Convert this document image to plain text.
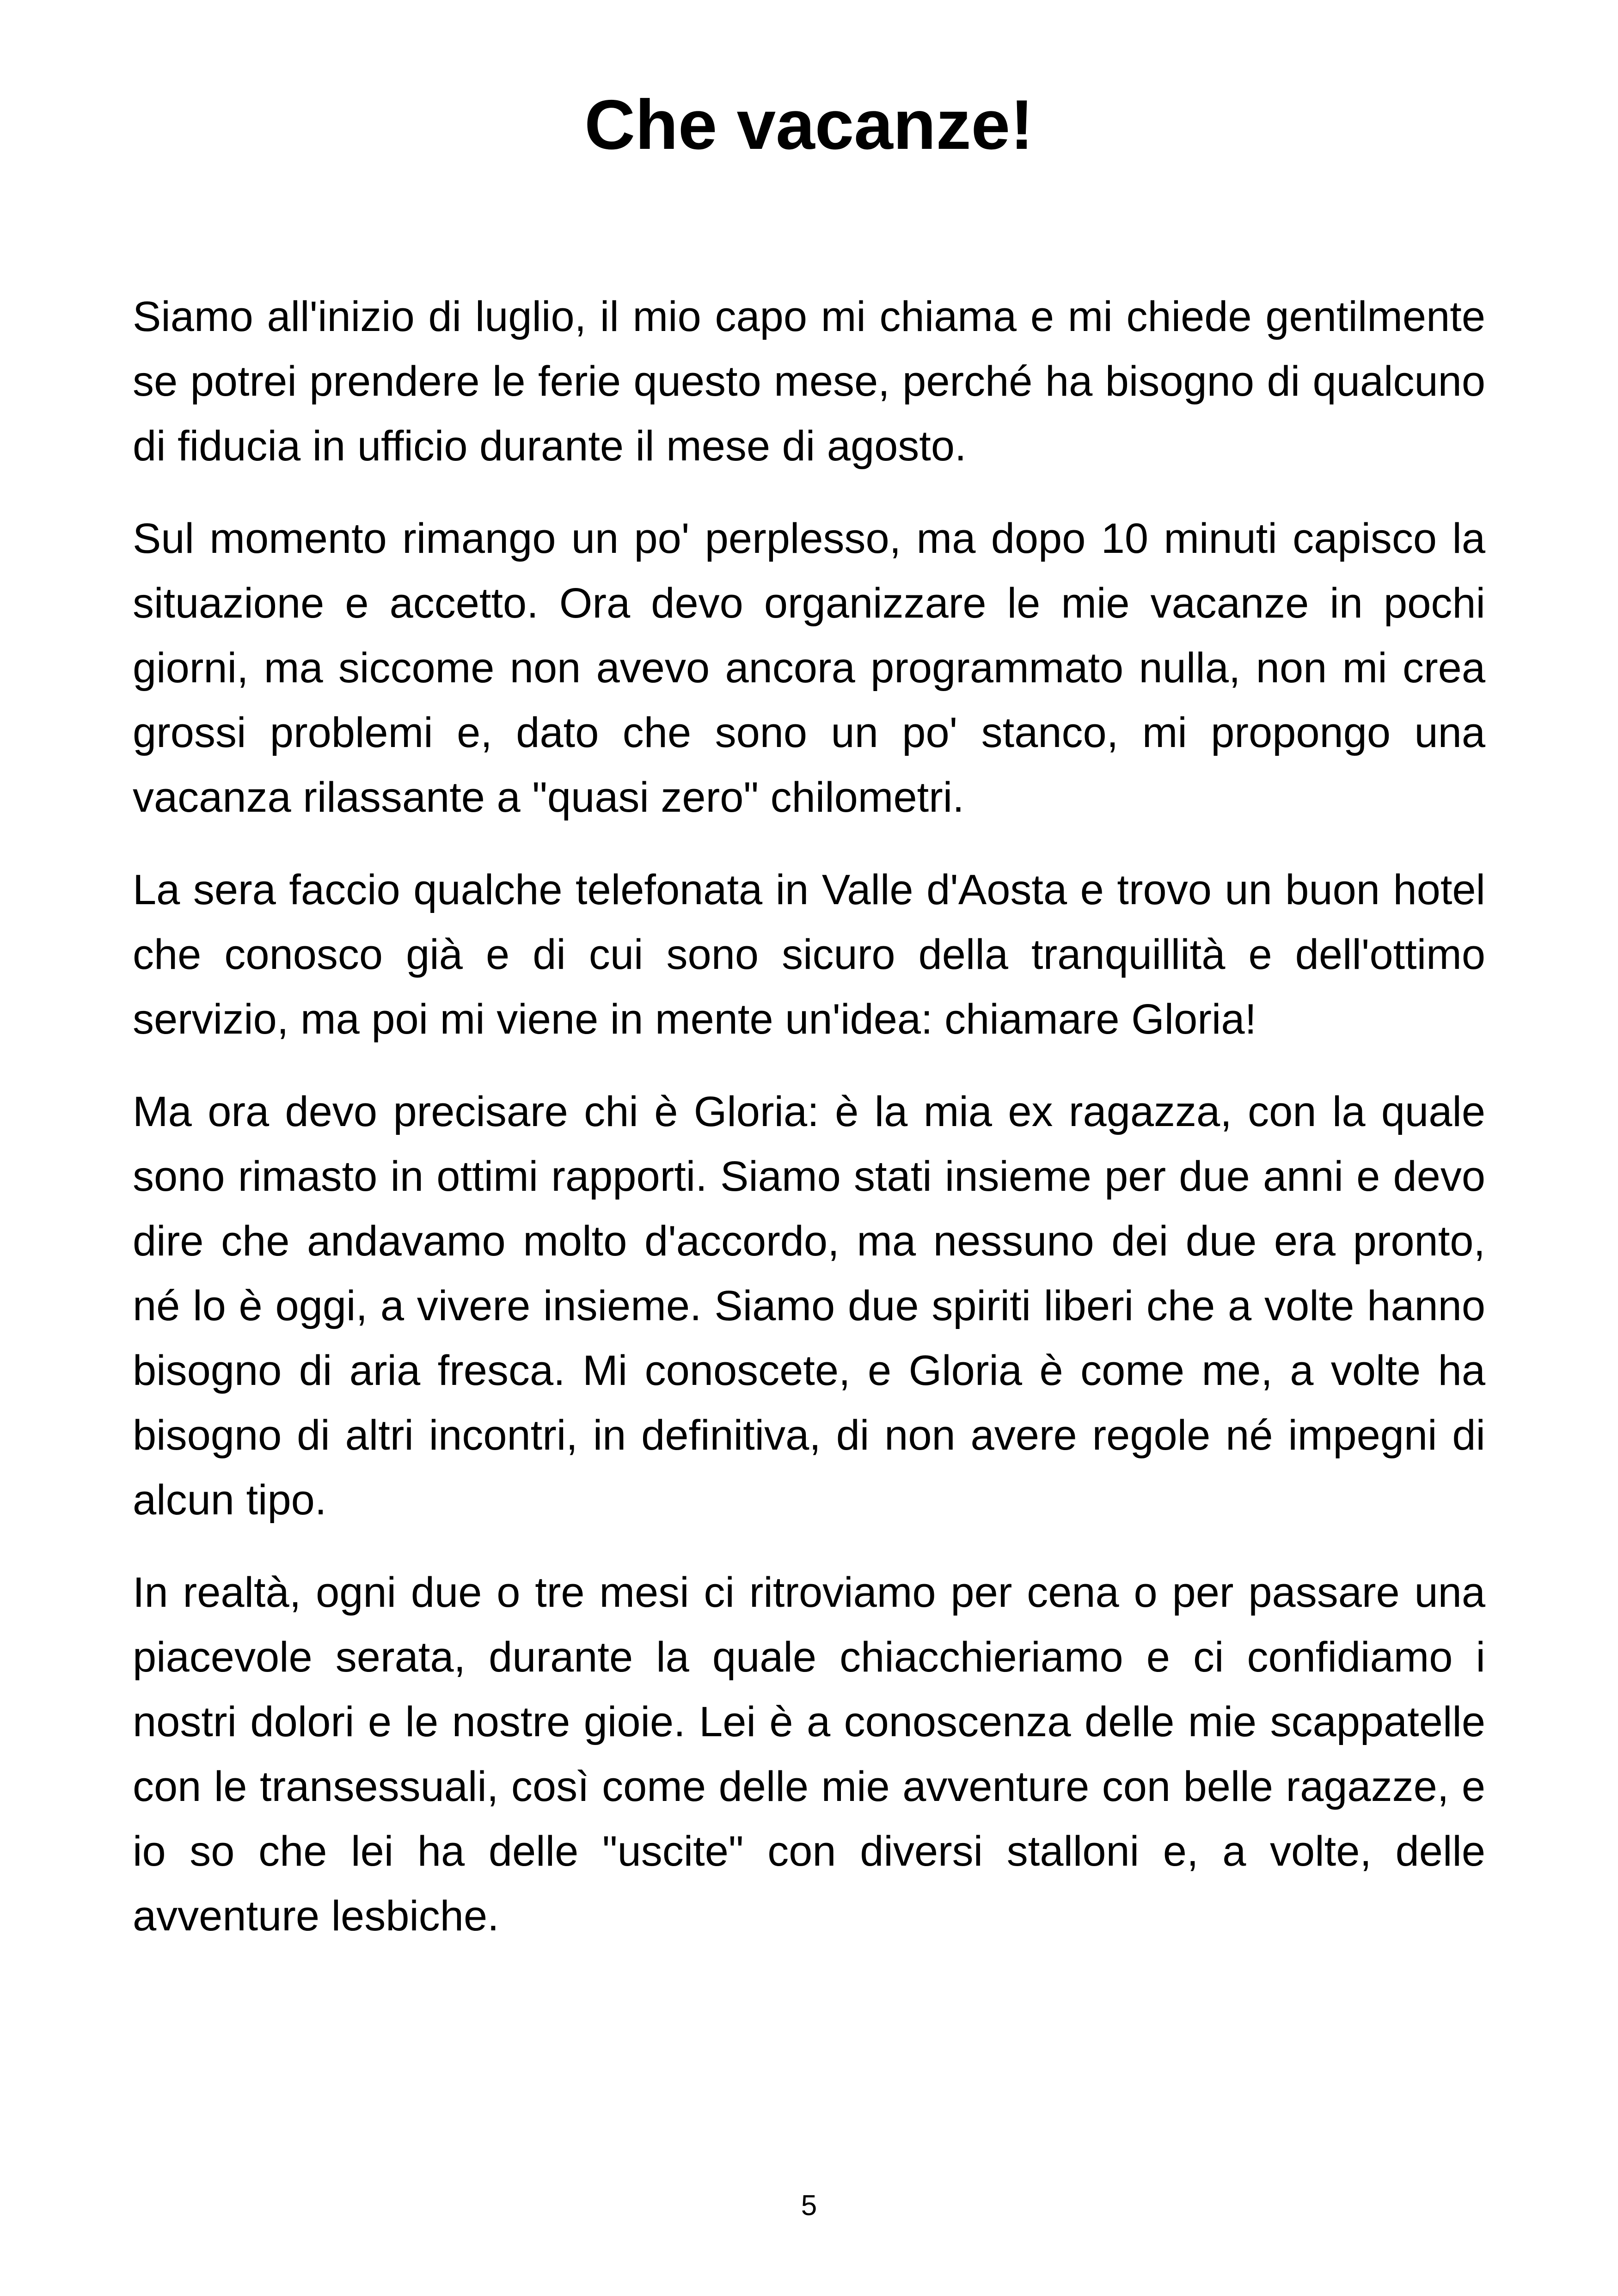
Che vacanze!

Siamo all'inizio di luglio, il mio capo mi chiama e mi chiede gentilmente se potrei prendere le ferie questo mese, perché ha bisogno di qualcuno di fiducia in ufficio durante il mese di agosto.

Sul momento rimango un po' perplesso, ma dopo 10 minuti capisco la situazione e accetto. Ora devo organizzare le mie vacanze in pochi giorni, ma siccome non avevo ancora programmato nulla, non mi crea grossi problemi e, dato che sono un po' stanco, mi propongo una vacanza rilassante a "quasi zero" chilometri.

La sera faccio qualche telefonata in Valle d'Aosta e trovo un buon hotel che conosco già e di cui sono sicuro della tranquillità e dell'ottimo servizio, ma poi mi viene in mente un'idea: chiamare Gloria!

Ma ora devo precisare chi è Gloria: è la mia ex ragazza, con la quale sono rimasto in ottimi rapporti. Siamo stati insieme per due anni e devo dire che andavamo molto d'accordo, ma nessuno dei due era pronto, né lo è oggi, a vivere insieme. Siamo due spiriti liberi che a volte hanno bisogno di aria fresca. Mi conoscete, e Gloria è come me, a volte ha bisogno di altri incontri, in definitiva, di non avere regole né impegni di alcun tipo.

In realtà, ogni due o tre mesi ci ritroviamo per cena o per passare una piacevole serata, durante la quale chiacchieriamo e ci confidiamo i nostri dolori e le nostre gioie. Lei è a conoscenza delle mie scappatelle con le transessuali, così come delle mie avventure con belle ragazze, e io so che lei ha delle "uscite" con diversi stalloni e, a volte, delle avventure lesbiche.

5
